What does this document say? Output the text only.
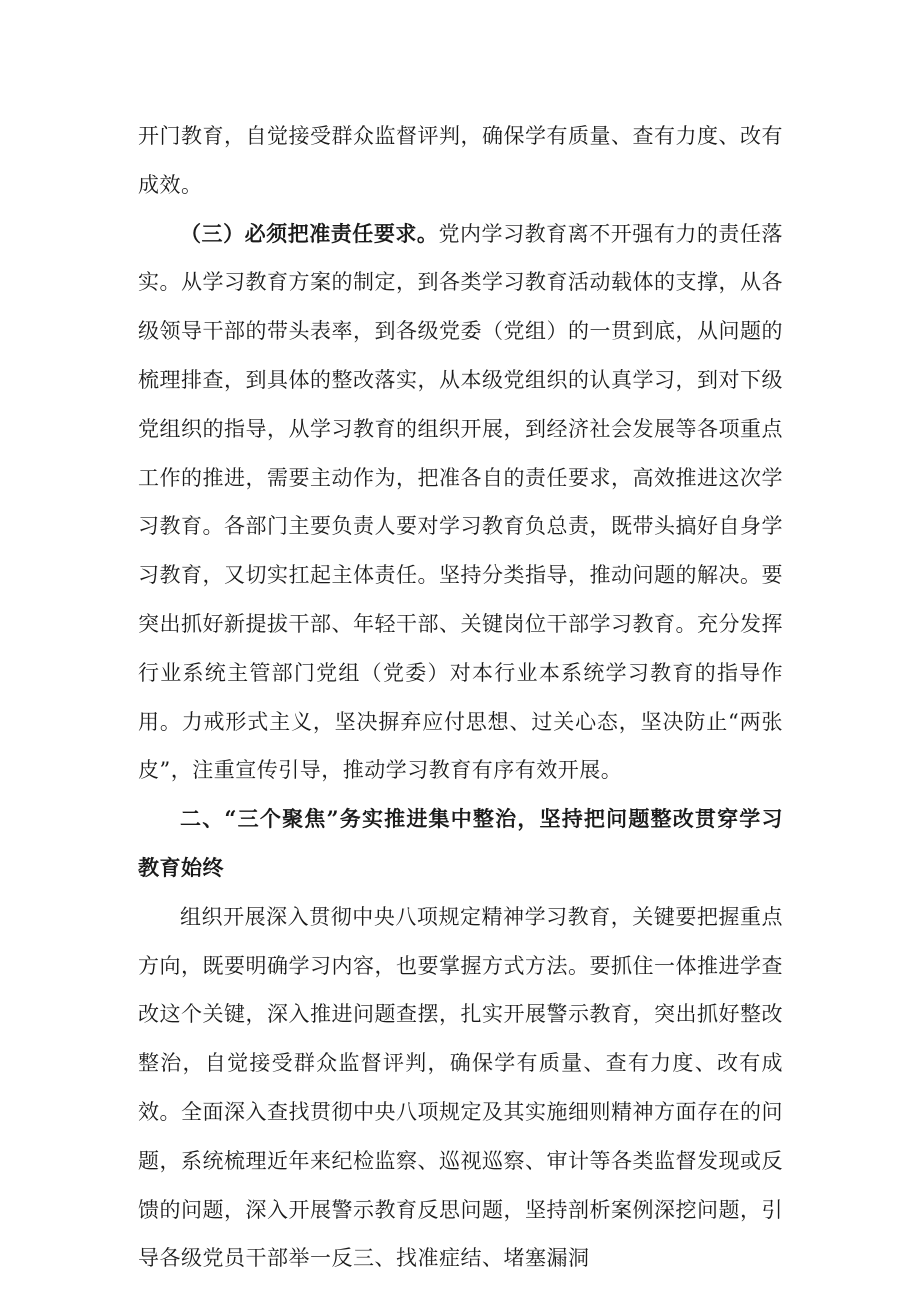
开门教育，自觉接受群众监督评判，确保学有质量、查有力度、改有成效。

（三）必须把准责任要求。党内学习教育离不开强有力的责任落实。从学习教育方案的制定，到各类学习教育活动载体的支撑，从各级领导干部的带头表率，到各级党委（党组）的一贯到底，从问题的梳理排查，到具体的整改落实，从本级党组织的认真学习，到对下级党组织的指导，从学习教育的组织开展，到经济社会发展等各项重点工作的推进，需要主动作为，把准各自的责任要求，高效推进这次学习教育。各部门主要负责人要对学习教育负总责，既带头搞好自身学习教育，又切实扛起主体责任。坚持分类指导，推动问题的解决。要突出抓好新提拔干部、年轻干部、关键岗位干部学习教育。充分发挥行业系统主管部门党组（党委）对本行业本系统学习教育的指导作用。力戒形式主义，坚决摒弃应付思想、过关心态，坚决防止“两张皮”，注重宣传引导，推动学习教育有序有效开展。

二、“三个聚焦”务实推进集中整治，坚持把问题整改贯穿学习教育始终

组织开展深入贯彻中央八项规定精神学习教育，关键要把握重点方向，既要明确学习内容，也要掌握方式方法。要抓住一体推进学查改这个关键，深入推进问题查摆，扎实开展警示教育，突出抓好整改整治，自觉接受群众监督评判，确保学有质量、查有力度、改有成效。全面深入查找贯彻中央八项规定及其实施细则精神方面存在的问题，系统梳理近年来纪检监察、巡视巡察、审计等各类监督发现或反馈的问题，深入开展警示教育反思问题，坚持剖析案例深挖问题，引导各级党员干部举一反三、找准症结、堵塞漏洞
